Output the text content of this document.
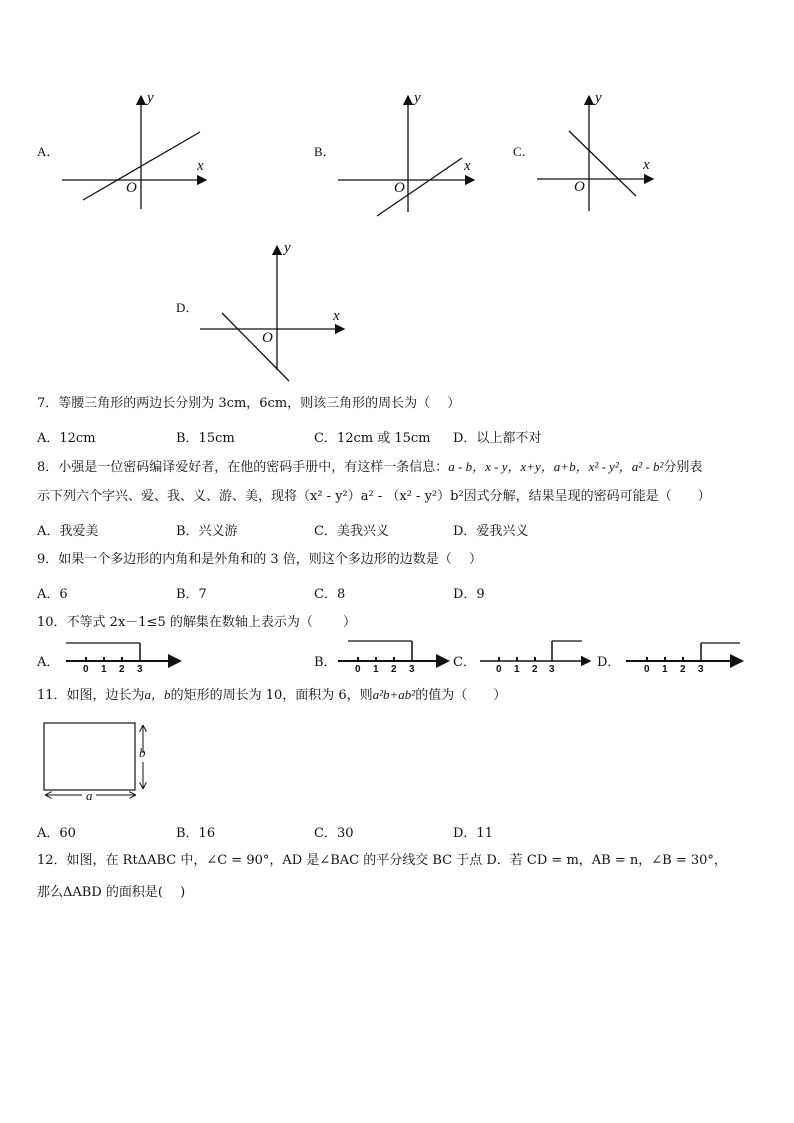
A．
y
x
O
B．
y
x
O
C．
y
x
O
D．
y
x
O
7．等腰三角形的两边长分别为 3cm，6cm，则该三角形的周长为（　 ）
A．12cm	B．15cm	C．12cm 或 15cm D．以上都不对
8．小强是一位密码编译爱好者，在他的密码手册中，有这样一条信息：a - b，x - y，x+y，a+b，x² - y²，a² - b²分别表
示下列六个字兴、爱、我、义、游、美，现将（x² - y²）a² - （x² - y²）b²因式分解，结果呈现的密码可能是（　　）
A．我爱美	B．兴义游	C．美我兴义	D．爱我兴义
9．如果一个多边形的内角和是外角和的 3 倍，则这个多边形的边数是（　 ）
A．6	B．7	C．8	D．9
10．不等式 2x－1≤5 的解集在数轴上表示为（　　 ）
A．	B．	C．	D．
0 1 2 3	0 1 2 3	0 1 2 3	0 1 2 3
11．如图，边长为a，b的矩形的周长为 10，面积为 6，则a²b+ab²的值为（　　）
b
a
A．60	B．16	C．30	D．11
12．如图，在 RtΔABC 中，∠C = 90°，AD 是∠BAC 的平分线交 BC 于点 D．若 CD = m，AB = n，∠B = 30°，
那么ΔABD 的面积是(　 )
